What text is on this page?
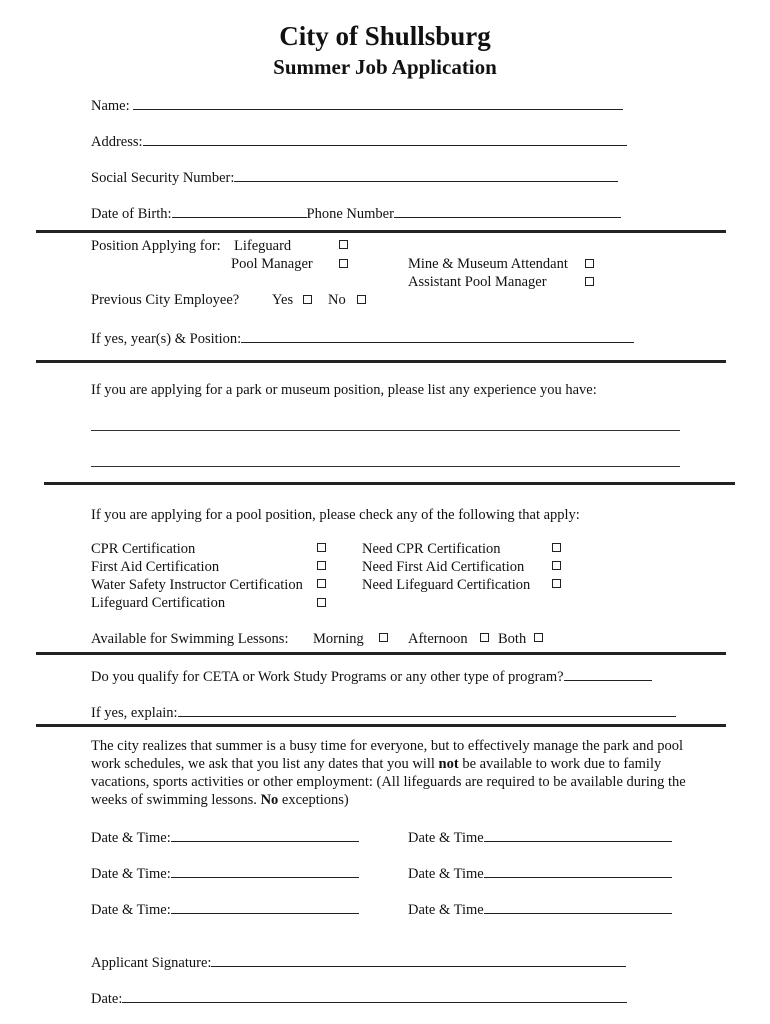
City of Shullsburg
Summer Job Application
Name:
Address:
Social Security Number:
Date of Birth:	Phone Number
Position Applying for: Lifeguard
Pool Manager	Mine & Museum Attendant
Assistant Pool Manager
Previous City Employee? Yes No
If yes, year(s) & Position:
If you are applying for a park or museum position, please list any experience you have:
If you are applying for a pool position, please check any of the following that apply:
CPR Certification	Need CPR Certification
First Aid Certification	Need First Aid Certification
Water Safety Instructor Certification	Need Lifeguard Certification
Lifeguard Certification
Available for Swimming Lessons: Morning	Afternoon Both
Do you qualify for CETA or Work Study Programs or any other type of program?
If yes, explain:
The city realizes that summer is a busy time for everyone, but to effectively manage the park and pool work schedules, we ask that you list any dates that you will not be available to work due to family vacations, sports activities or other employment: (All lifeguards are required to be available during the weeks of swimming lessons. No exceptions)
Date & Time:	Date & Time
Date & Time:	Date & Time
Date & Time:	Date & Time
Applicant Signature:
Date:
